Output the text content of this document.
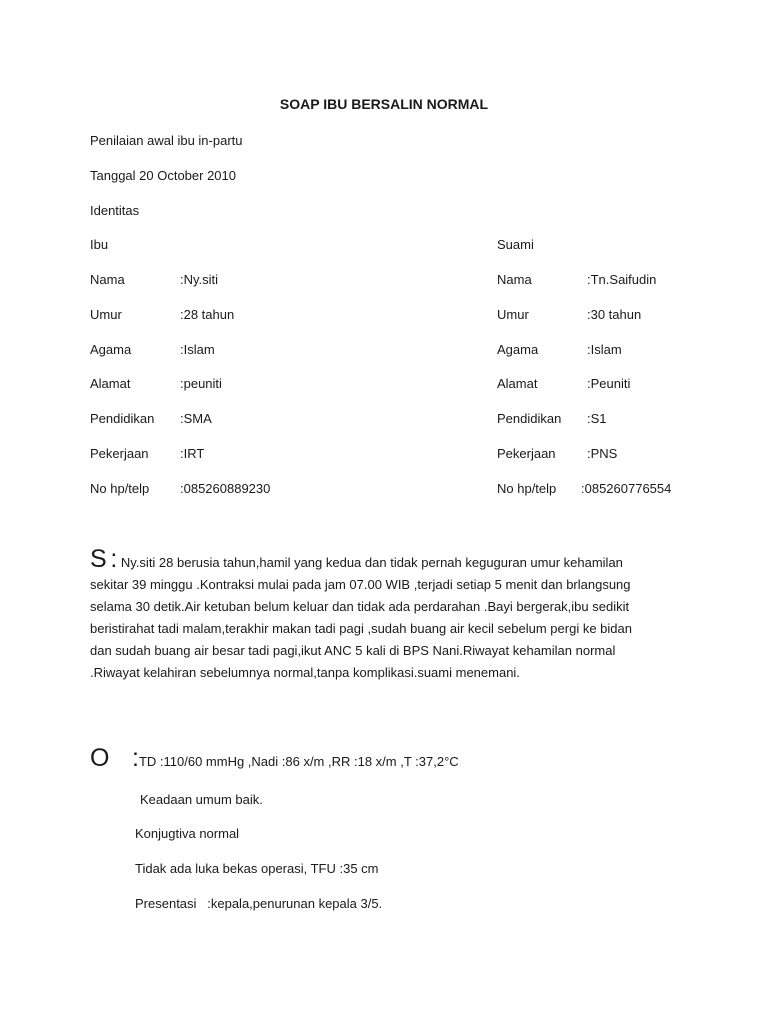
SOAP IBU BERSALIN NORMAL
Penilaian awal ibu in-partu
Tanggal 20 October 2010
Identitas
Ibu
Nama	:Ny.siti
Umur	:28 tahun
Agama	:Islam
Alamat	:peuniti
Pendidikan :SMA
Pekerjaan :IRT
No hp/telp :085260889230
Suami
Nama	:Tn.Saifudin
Umur	:30 tahun
Agama	:Islam
Alamat	:Peuniti
Pendidikan :S1
Pekerjaan :PNS
No hp/telp :085260776554
S : Ny.siti 28 berusia tahun,hamil yang kedua dan tidak pernah keguguran umur kehamilan
sekitar 39 minggu .Kontraksi mulai pada jam 07.00 WIB ,terjadi setiap 5 menit dan brlangsung
selama 30 detik.Air ketuban belum keluar dan tidak ada perdarahan .Bayi bergerak,ibu sedikit
beristirahat tadi malam,terakhir makan tadi pagi ,sudah buang air kecil sebelum pergi ke bidan
dan sudah buang air besar tadi pagi,ikut ANC 5 kali di BPS Nani.Riwayat kehamilan normal
.Riwayat kelahiran sebelumnya normal,tanpa komplikasi.suami menemani.
O : TD :110/60 mmHg ,Nadi :86 x/m ,RR :18 x/m ,T :37,2°C
Keadaan umum baik.
Konjugtiva normal
Tidak ada luka bekas operasi, TFU :35 cm
Presentasi   :kepala,penurunan kepala 3/5.
